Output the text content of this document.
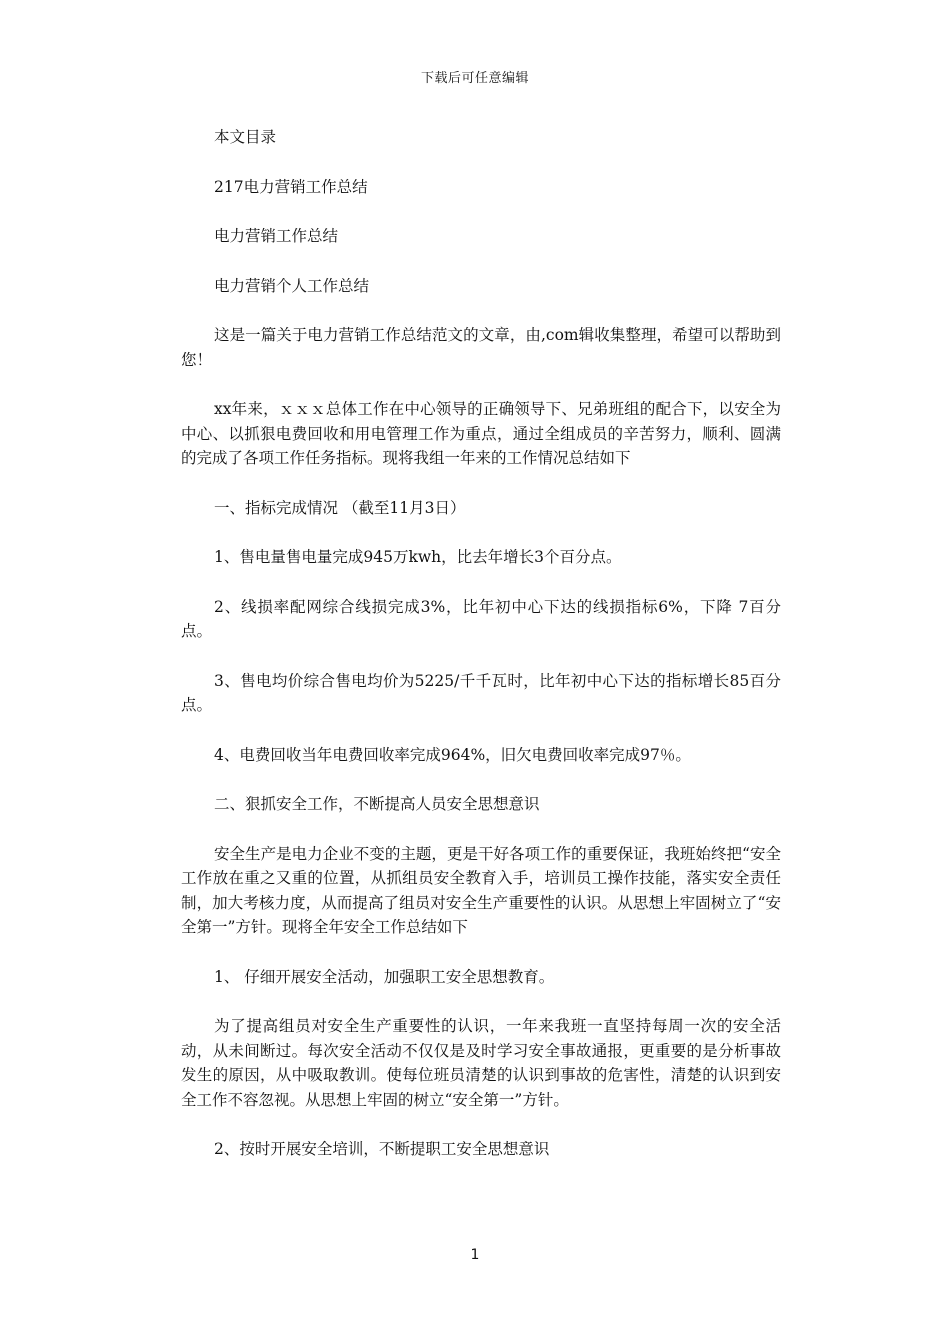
下载后可任意编辑

本文目录

217电力营销工作总结

电力营销工作总结

电力营销个人工作总结

这是一篇关于电力营销工作总结范文的文章，由,com辑收集整理，希望可以帮助到您！

xx年来，ｘｘｘ总体工作在中心领导的正确领导下、兄弟班组的配合下，以安全为中心、以抓狠电费回收和用电管理工作为重点，通过全组成员的辛苦努力，顺利、圆满的完成了各项工作任务指标。现将我组一年来的工作情况总结如下

一、指标完成情况 （截至11月3日）

1、售电量售电量完成945万kwh，比去年增长3个百分点。

2、线损率配网综合线损完成3%，比年初中心下达的线损指标6%，下降 7百分点。

3、售电均价综合售电均价为5225/千千瓦时，比年初中心下达的指标增长85百分点。

4、电费回收当年电费回收率完成964%，旧欠电费回收率完成97％。

二、狠抓安全工作，不断提高人员安全思想意识

安全生产是电力企业不变的主题，更是干好各项工作的重要保证，我班始终把“安全工作放在重之又重的位置，从抓组员安全教育入手，培训员工操作技能，落实安全责任制，加大考核力度，从而提高了组员对安全生产重要性的认识。从思想上牢固树立了“安全第一”方针。现将全年安全工作总结如下

1、 仔细开展安全活动，加强职工安全思想教育。

为了提高组员对安全生产重要性的认识，一年来我班一直坚持每周一次的安全活动，从未间断过。每次安全活动不仅仅是及时学习安全事故通报，更重要的是分析事故发生的原因，从中吸取教训。使每位班员清楚的认识到事故的危害性，清楚的认识到安全工作不容忽视。从思想上牢固的树立“安全第一”方针。

2、按时开展安全培训，不断提职工安全思想意识

1
